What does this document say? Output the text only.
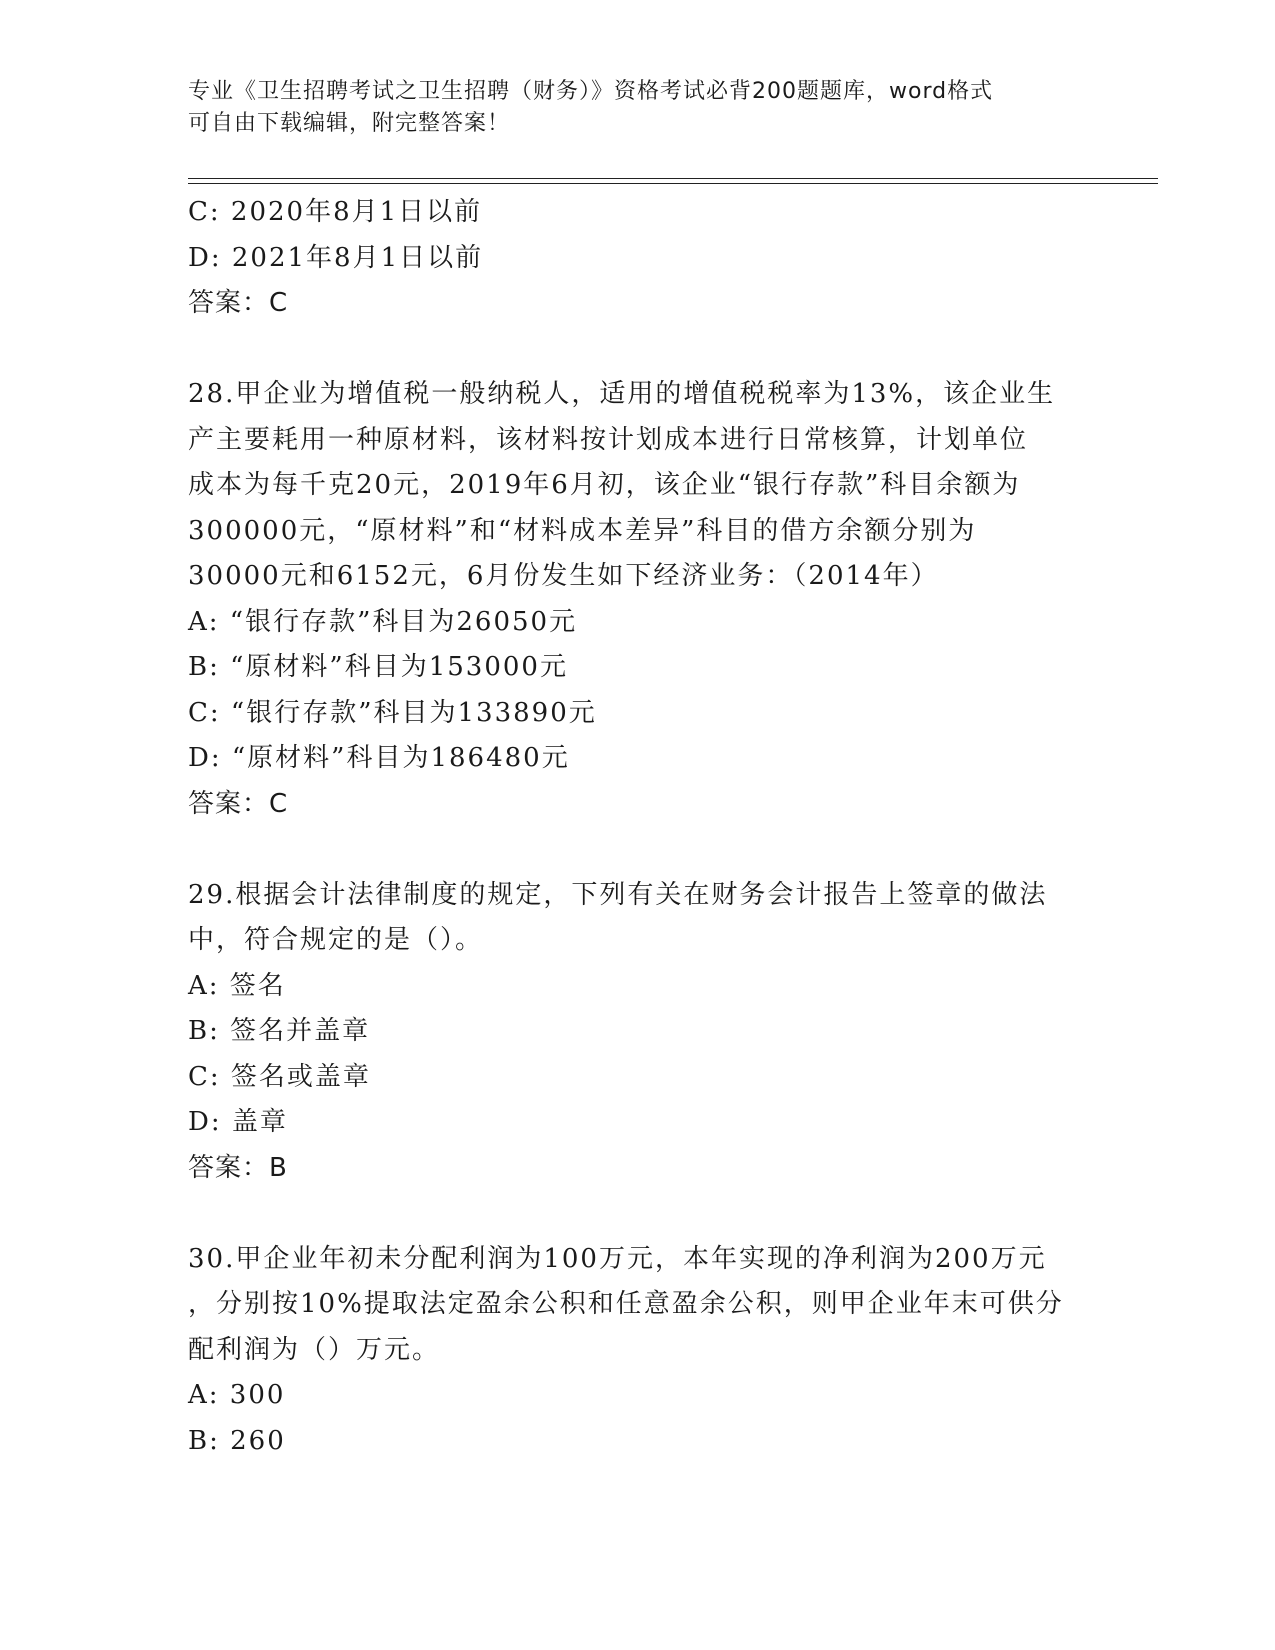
专业《卫生招聘考试之卫生招聘（财务）》资格考试必背200题题库，word格式
可自由下载编辑，附完整答案！
C: 2020年8月1日以前
D: 2021年8月1日以前
答案：C
28.甲企业为增值税一般纳税人，适用的增值税税率为13%，该企业生
产主要耗用一种原材料，该材料按计划成本进行日常核算，计划单位
成本为每千克20元，2019年6月初，该企业“银行存款”科目余额为
300000元，“原材料”和“材料成本差异”科目的借方余额分别为
30000元和6152元，6月份发生如下经济业务：（2014年）
A: “银行存款”科目为26050元
B: “原材料”科目为153000元
C: “银行存款”科目为133890元
D: “原材料”科目为186480元
答案：C
29.根据会计法律制度的规定，下列有关在财务会计报告上签章的做法
中，符合规定的是（）。
A: 签名
B: 签名并盖章
C: 签名或盖章
D: 盖章
答案：B
30.甲企业年初未分配利润为100万元，本年实现的净利润为200万元
，分别按10%提取法定盈余公积和任意盈余公积，则甲企业年末可供分
配利润为（）万元。
A: 300
B: 260
